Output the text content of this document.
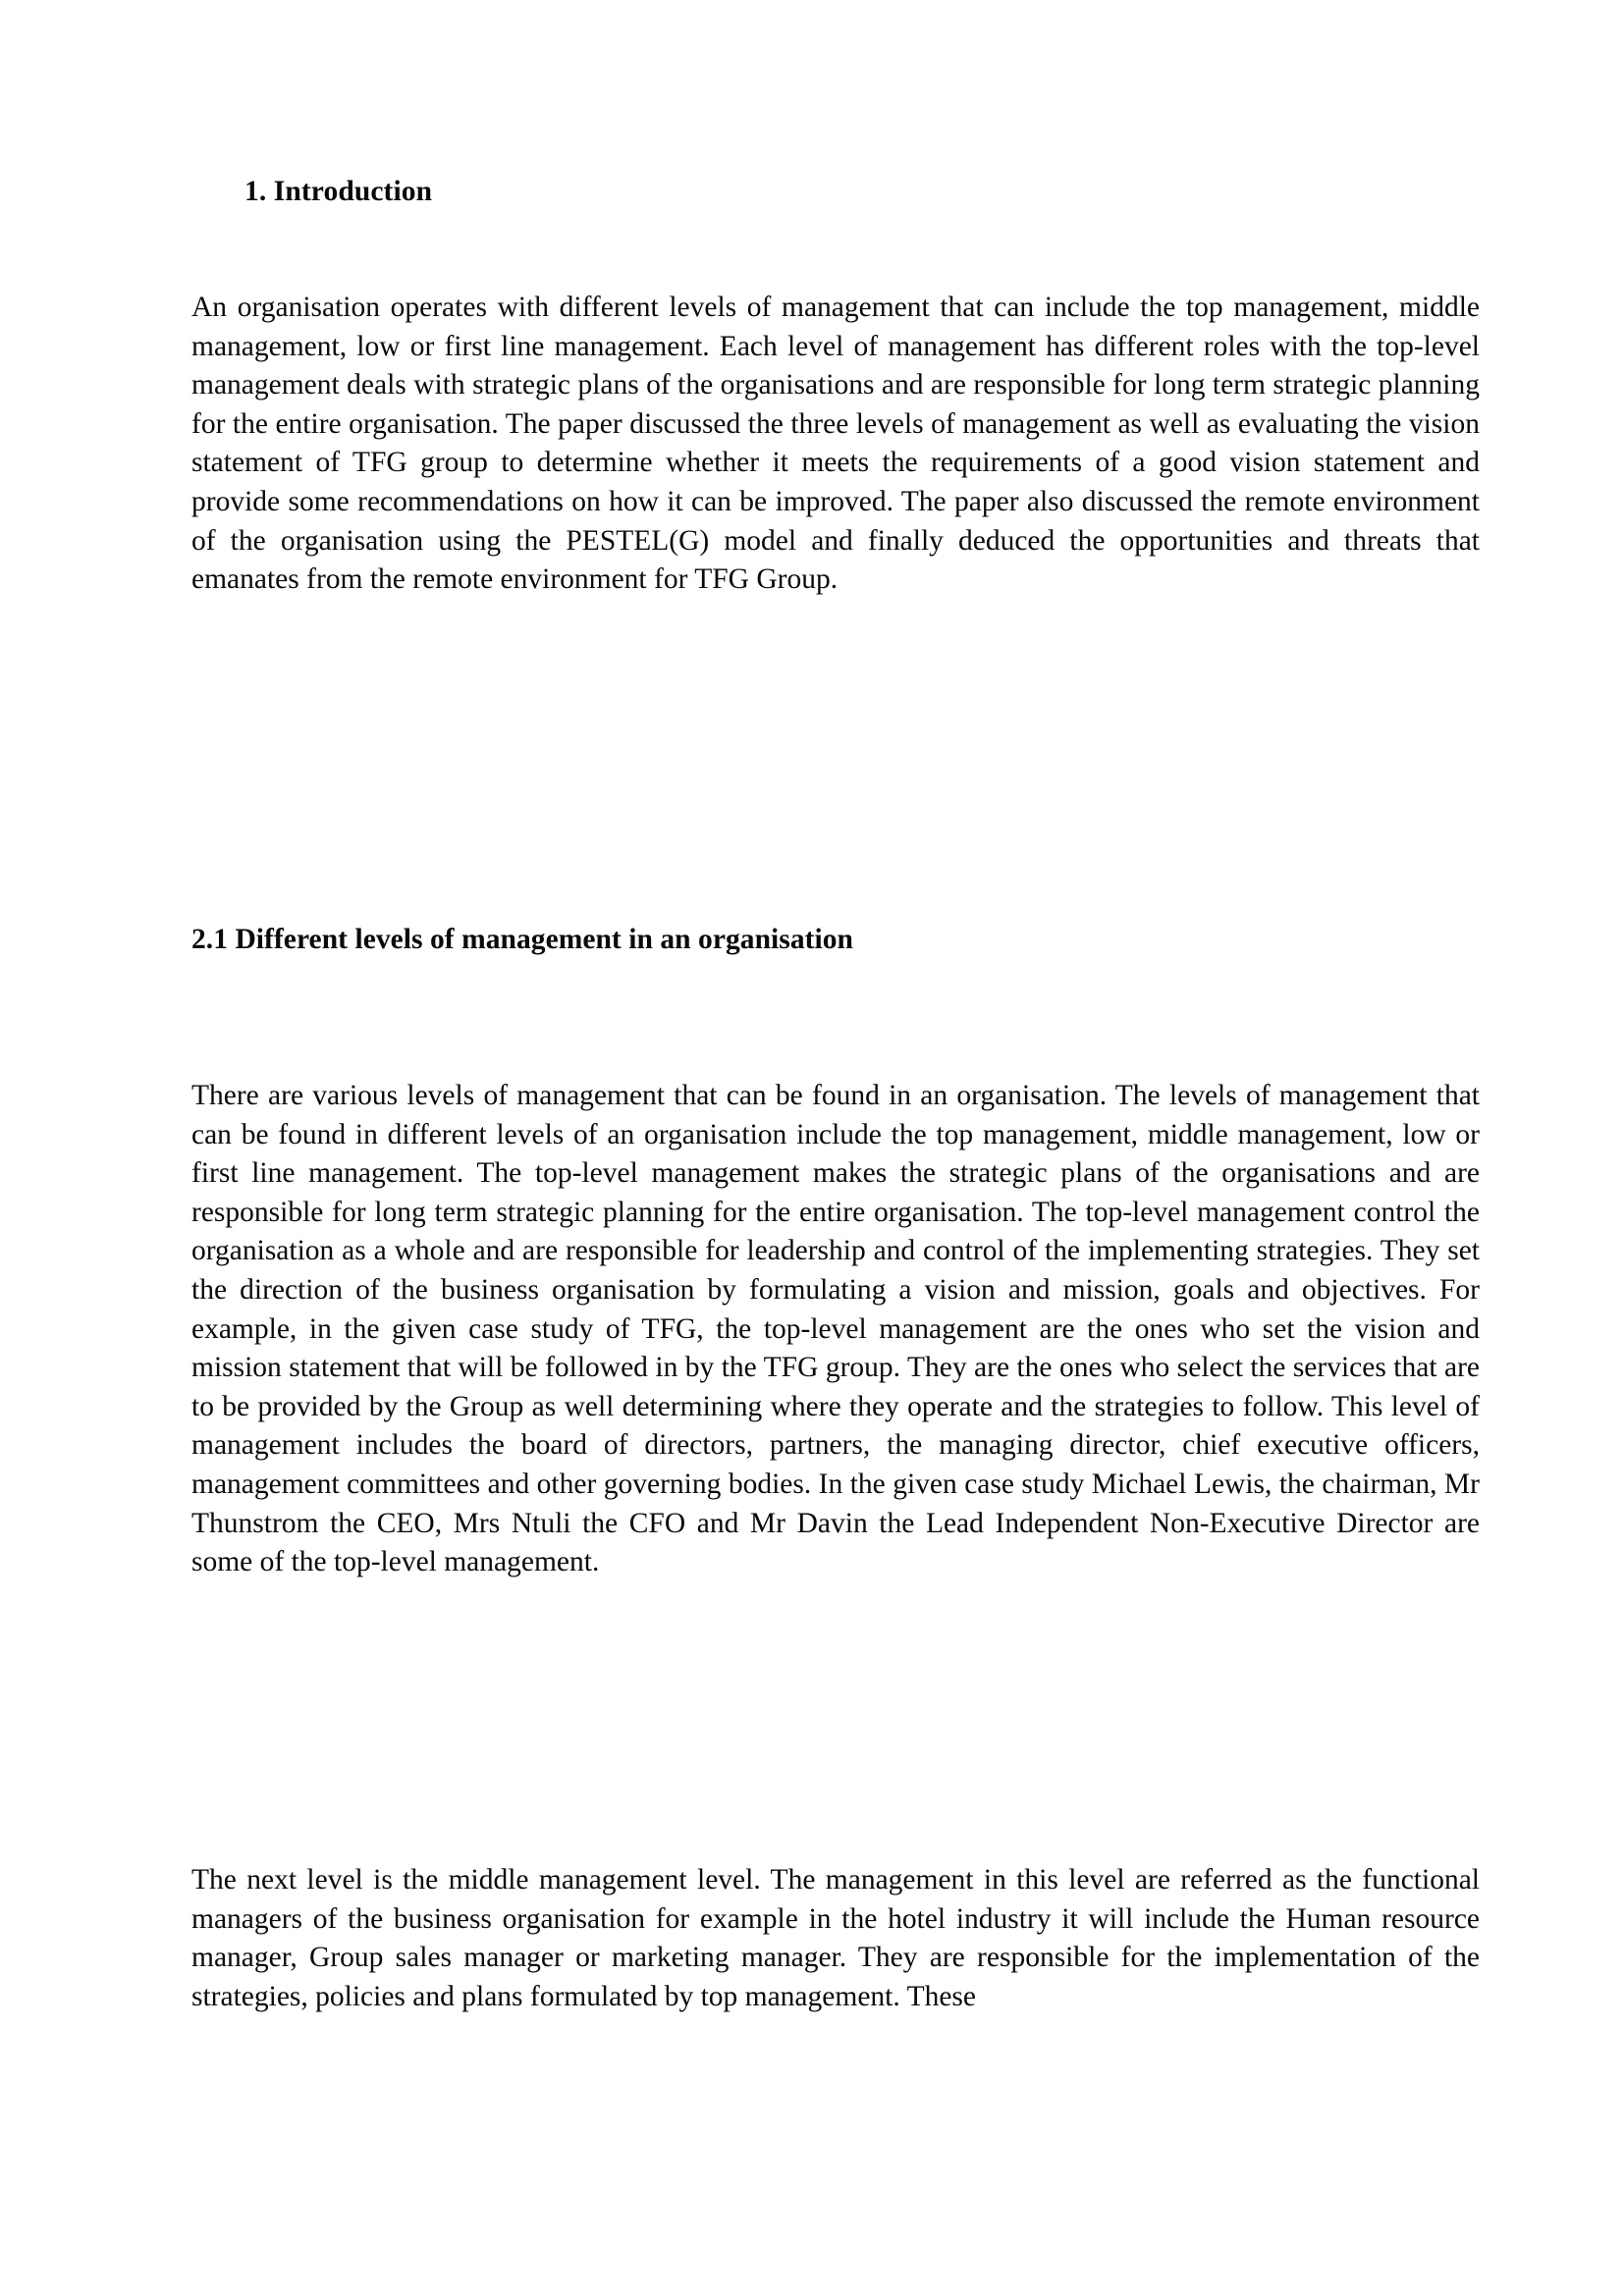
1. Introduction

An organisation operates with different levels of management that can include the top management, middle management, low or first line management. Each level of management has different roles with the top-level management deals with strategic plans of the organisations and are responsible for long term strategic planning for the entire organisation. The paper discussed the three levels of management as well as evaluating the vision statement of TFG group to determine whether it meets the requirements of a good vision statement and provide some recommendations on how it can be improved. The paper also discussed the remote environment of the organisation using the PESTEL(G) model and finally deduced the opportunities and threats that emanates from the remote environment for TFG Group.

2.1 Different levels of management in an organisation

There are various levels of management that can be found in an organisation. The levels of management that can be found in different levels of an organisation include the top management, middle management, low or first line management. The top-level management makes the strategic plans of the organisations and are responsible for long term strategic planning for the entire organisation. The top-level management control the organisation as a whole and are responsible for leadership and control of the implementing strategies. They set the direction of the business organisation by formulating a vision and mission, goals and objectives. For example, in the given case study of TFG, the top-level management are the ones who set the vision and mission statement that will be followed in by the TFG group. They are the ones who select the services that are to be provided by the Group as well determining where they operate and the strategies to follow. This level of management includes the board of directors, partners, the managing director, chief executive officers, management committees and other governing bodies. In the given case study Michael Lewis, the chairman, Mr Thunstrom the CEO, Mrs Ntuli the CFO and Mr Davin the Lead Independent Non-Executive Director are some of the top-level management.

The next level is the middle management level. The management in this level are referred as the functional managers of the business organisation for example in the hotel industry it will include the Human resource manager, Group sales manager or marketing manager. They are responsible for the implementation of the strategies, policies and plans formulated by top management. These
